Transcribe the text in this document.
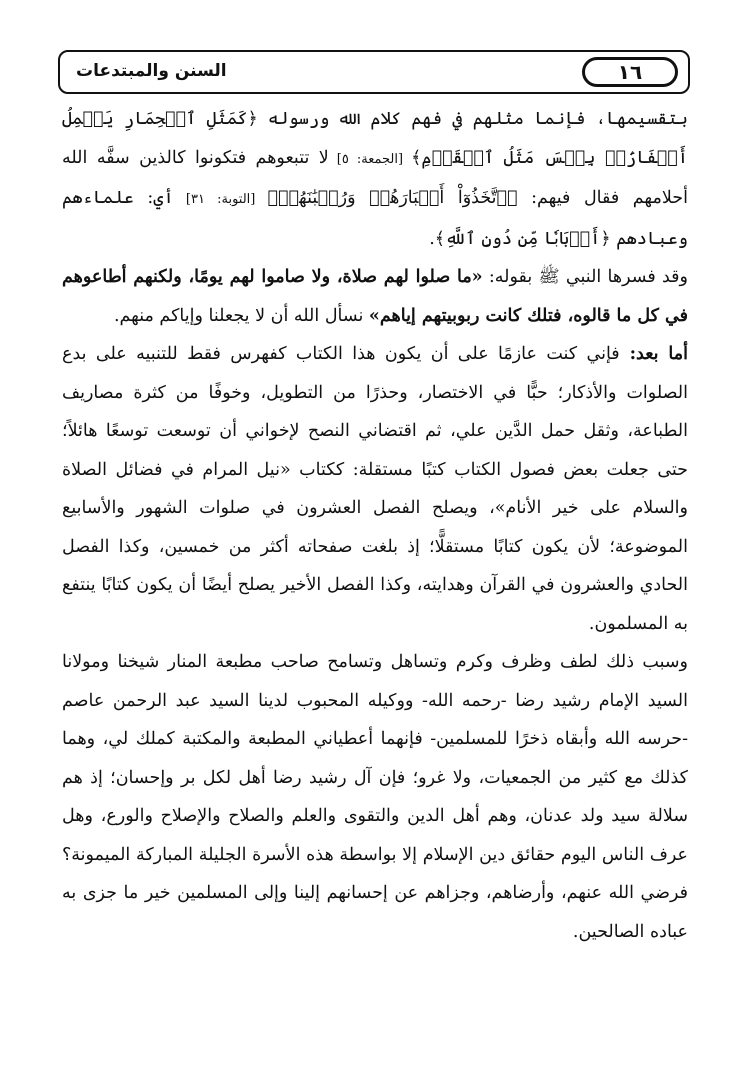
١٦
السنن والمبتدعات

بتقسيمها، فإنما مثلهم في فهم كلام الله ورسوله ﴿كَمَثَلِ ٱلۡحِمَارِ يَحۡمِلُ أَسۡفَارَۢاۚ بِئۡسَ مَثَلُ ٱلۡقَوۡمِ﴾ [الجمعة: ٥] لا تتبعوهم فتكونوا كالذين سفَّه الله أحلامهم فقال فيهم: ﴿ٱتَّخَذُوٓاْ أَحۡبَارَهُمۡ وَرُهۡبَٰنَهُمۡ﴾ [التوبة: ٣١] أي: علماءهم وعبادهم ﴿أَرۡبَابٗا مِّن دُونِ ٱللَّهِ﴾.

وقد فسرها النبي ﷺ بقوله: «ما صلوا لهم صلاة، ولا صاموا لهم يومًا، ولكنهم أطاعوهم في كل ما قالوه، فتلك كانت ربوبيتهم إياهم» نسأل الله أن لا يجعلنا وإياكم منهم.

أما بعد: فإني كنت عازمًا على أن يكون هذا الكتاب كفهرس فقط للتنبيه على بدع الصلوات والأذكار؛ حبًّا في الاختصار، وحذرًا من التطويل، وخوفًا من كثرة مصاريف الطباعة، وثقل حمل الدَّين علي، ثم اقتضاني النصح لإخواني أن توسعت توسعًا هائلاً؛ حتى جعلت بعض فصول الكتاب كتبًا مستقلة: ككتاب «نيل المرام في فضائل الصلاة والسلام على خير الأنام»، ويصلح الفصل العشرون في صلوات الشهور والأسابيع الموضوعة؛ لأن يكون كتابًا مستقلًّا؛ إذ بلغت صفحاته أكثر من خمسين، وكذا الفصل الحادي والعشرون في القرآن وهدايته، وكذا الفصل الأخير يصلح أيضًا أن يكون كتابًا ينتفع به المسلمون.

وسبب ذلك لطف وظرف وكرم وتساهل وتسامح صاحب مطبعة المنار شيخنا ومولانا السيد الإمام رشيد رضا -رحمه الله- ووكيله المحبوب لدينا السيد عبد الرحمن عاصم -حرسه الله وأبقاه ذخرًا للمسلمين- فإنهما أعطياني المطبعة والمكتبة كملك لي، وهما كذلك مع كثير من الجمعيات، ولا غرو؛ فإن آل رشيد رضا أهل لكل بر وإحسان؛ إذ هم سلالة سيد ولد عدنان، وهم أهل الدين والتقوى والعلم والصلاح والإصلاح والورع، وهل عرف الناس اليوم حقائق دين الإسلام إلا بواسطة هذه الأسرة الجليلة المباركة الميمونة؟ فرضي الله عنهم، وأرضاهم، وجزاهم عن إحسانهم إلينا وإلى المسلمين خير ما جزى به عباده الصالحين.
